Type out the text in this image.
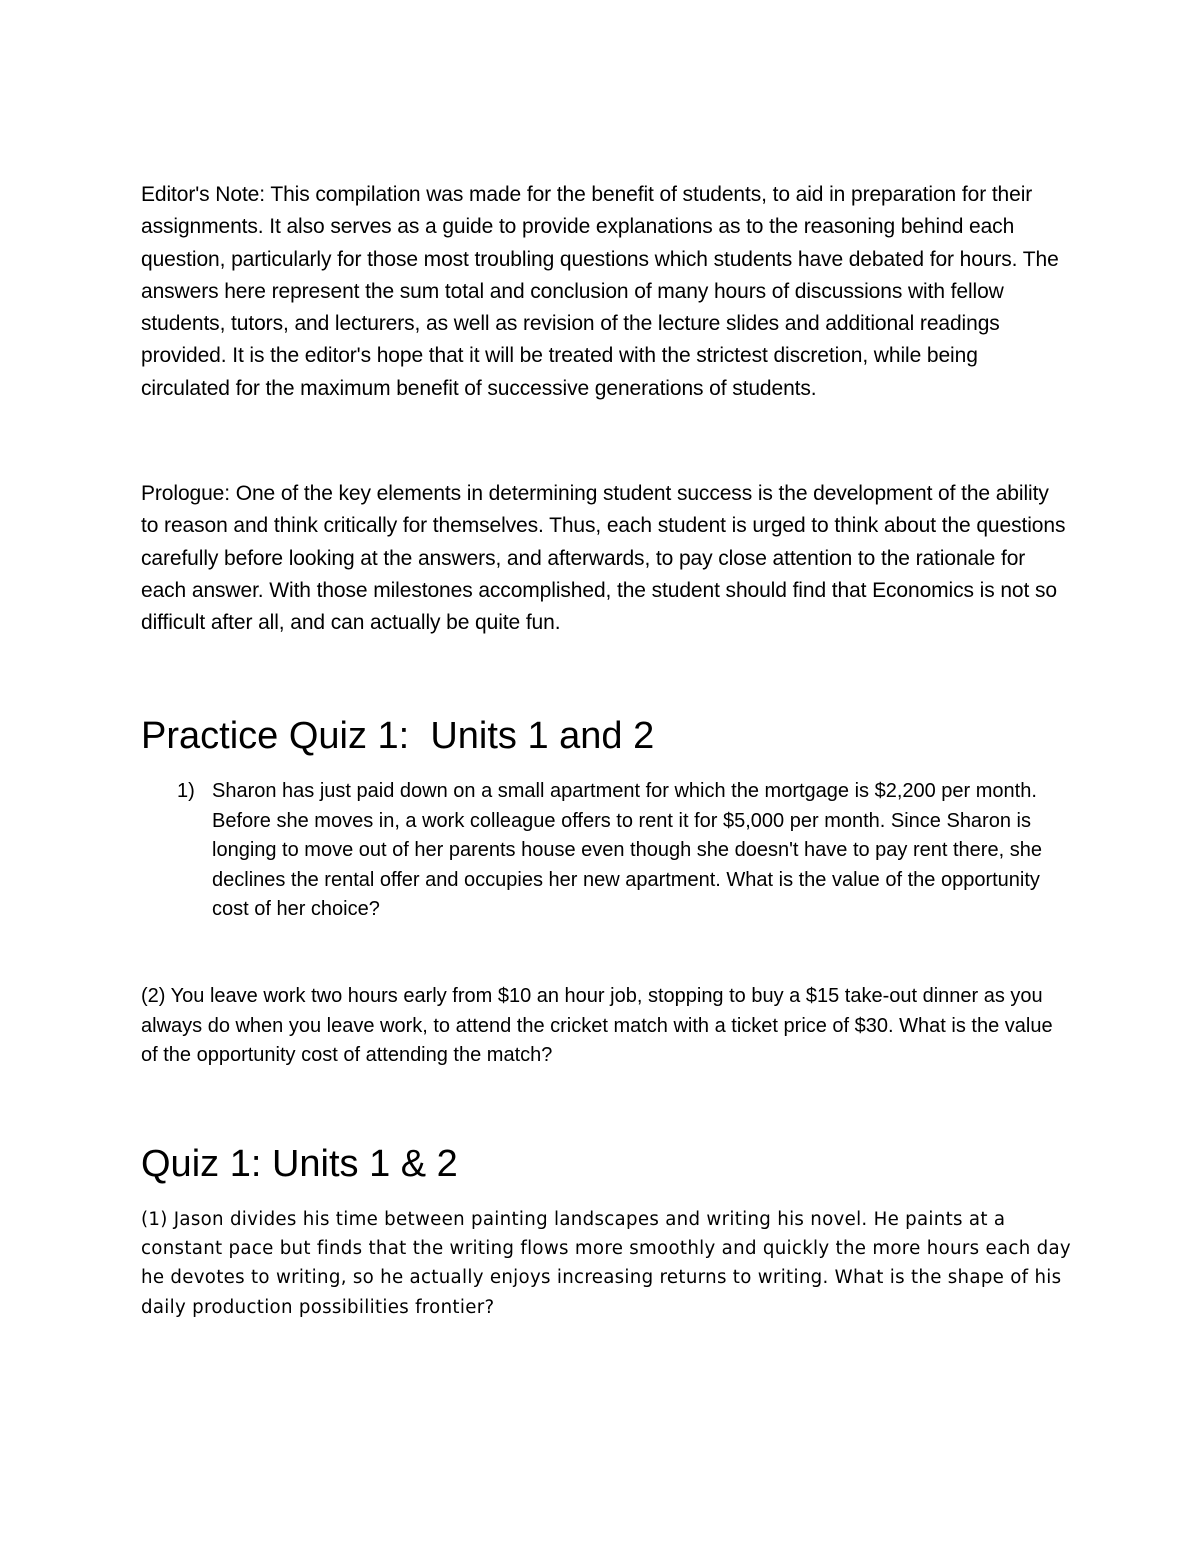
Editor's Note: This compilation was made for the benefit of students, to aid in preparation for their assignments. It also serves as a guide to provide explanations as to the reasoning behind each question, particularly for those most troubling questions which students have debated for hours. The answers here represent the sum total and conclusion of many hours of discussions with fellow students, tutors, and lecturers, as well as revision of the lecture slides and additional readings provided. It is the editor's hope that it will be treated with the strictest discretion, while being circulated for the maximum benefit of successive generations of students.

Prologue: One of the key elements in determining student success is the development of the ability to reason and think critically for themselves. Thus, each student is urged to think about the questions carefully before looking at the answers, and afterwards, to pay close attention to the rationale for each answer. With those milestones accomplished, the student should find that Economics is not so difficult after all, and can actually be quite fun.

Practice Quiz 1:  Units 1 and 2
1) Sharon has just paid down on a small apartment for which the mortgage is $2,200 per month. Before she moves in, a work colleague offers to rent it for $5,000 per month. Since Sharon is longing to move out of her parents house even though she doesn't have to pay rent there, she declines the rental offer and occupies her new apartment. What is the value of the opportunity cost of her choice?

(2) You leave work two hours early from $10 an hour job, stopping to buy a $15 take-out dinner as you always do when you leave work, to attend the cricket match with a ticket price of $30. What is the value of the opportunity cost of attending the match?

Quiz 1: Units 1 & 2

(1) Jason divides his time between painting landscapes and writing his novel. He paints at a constant pace but finds that the writing flows more smoothly and quickly the more hours each day he devotes to writing, so he actually enjoys increasing returns to writing. What is the shape of his daily production possibilities frontier?
